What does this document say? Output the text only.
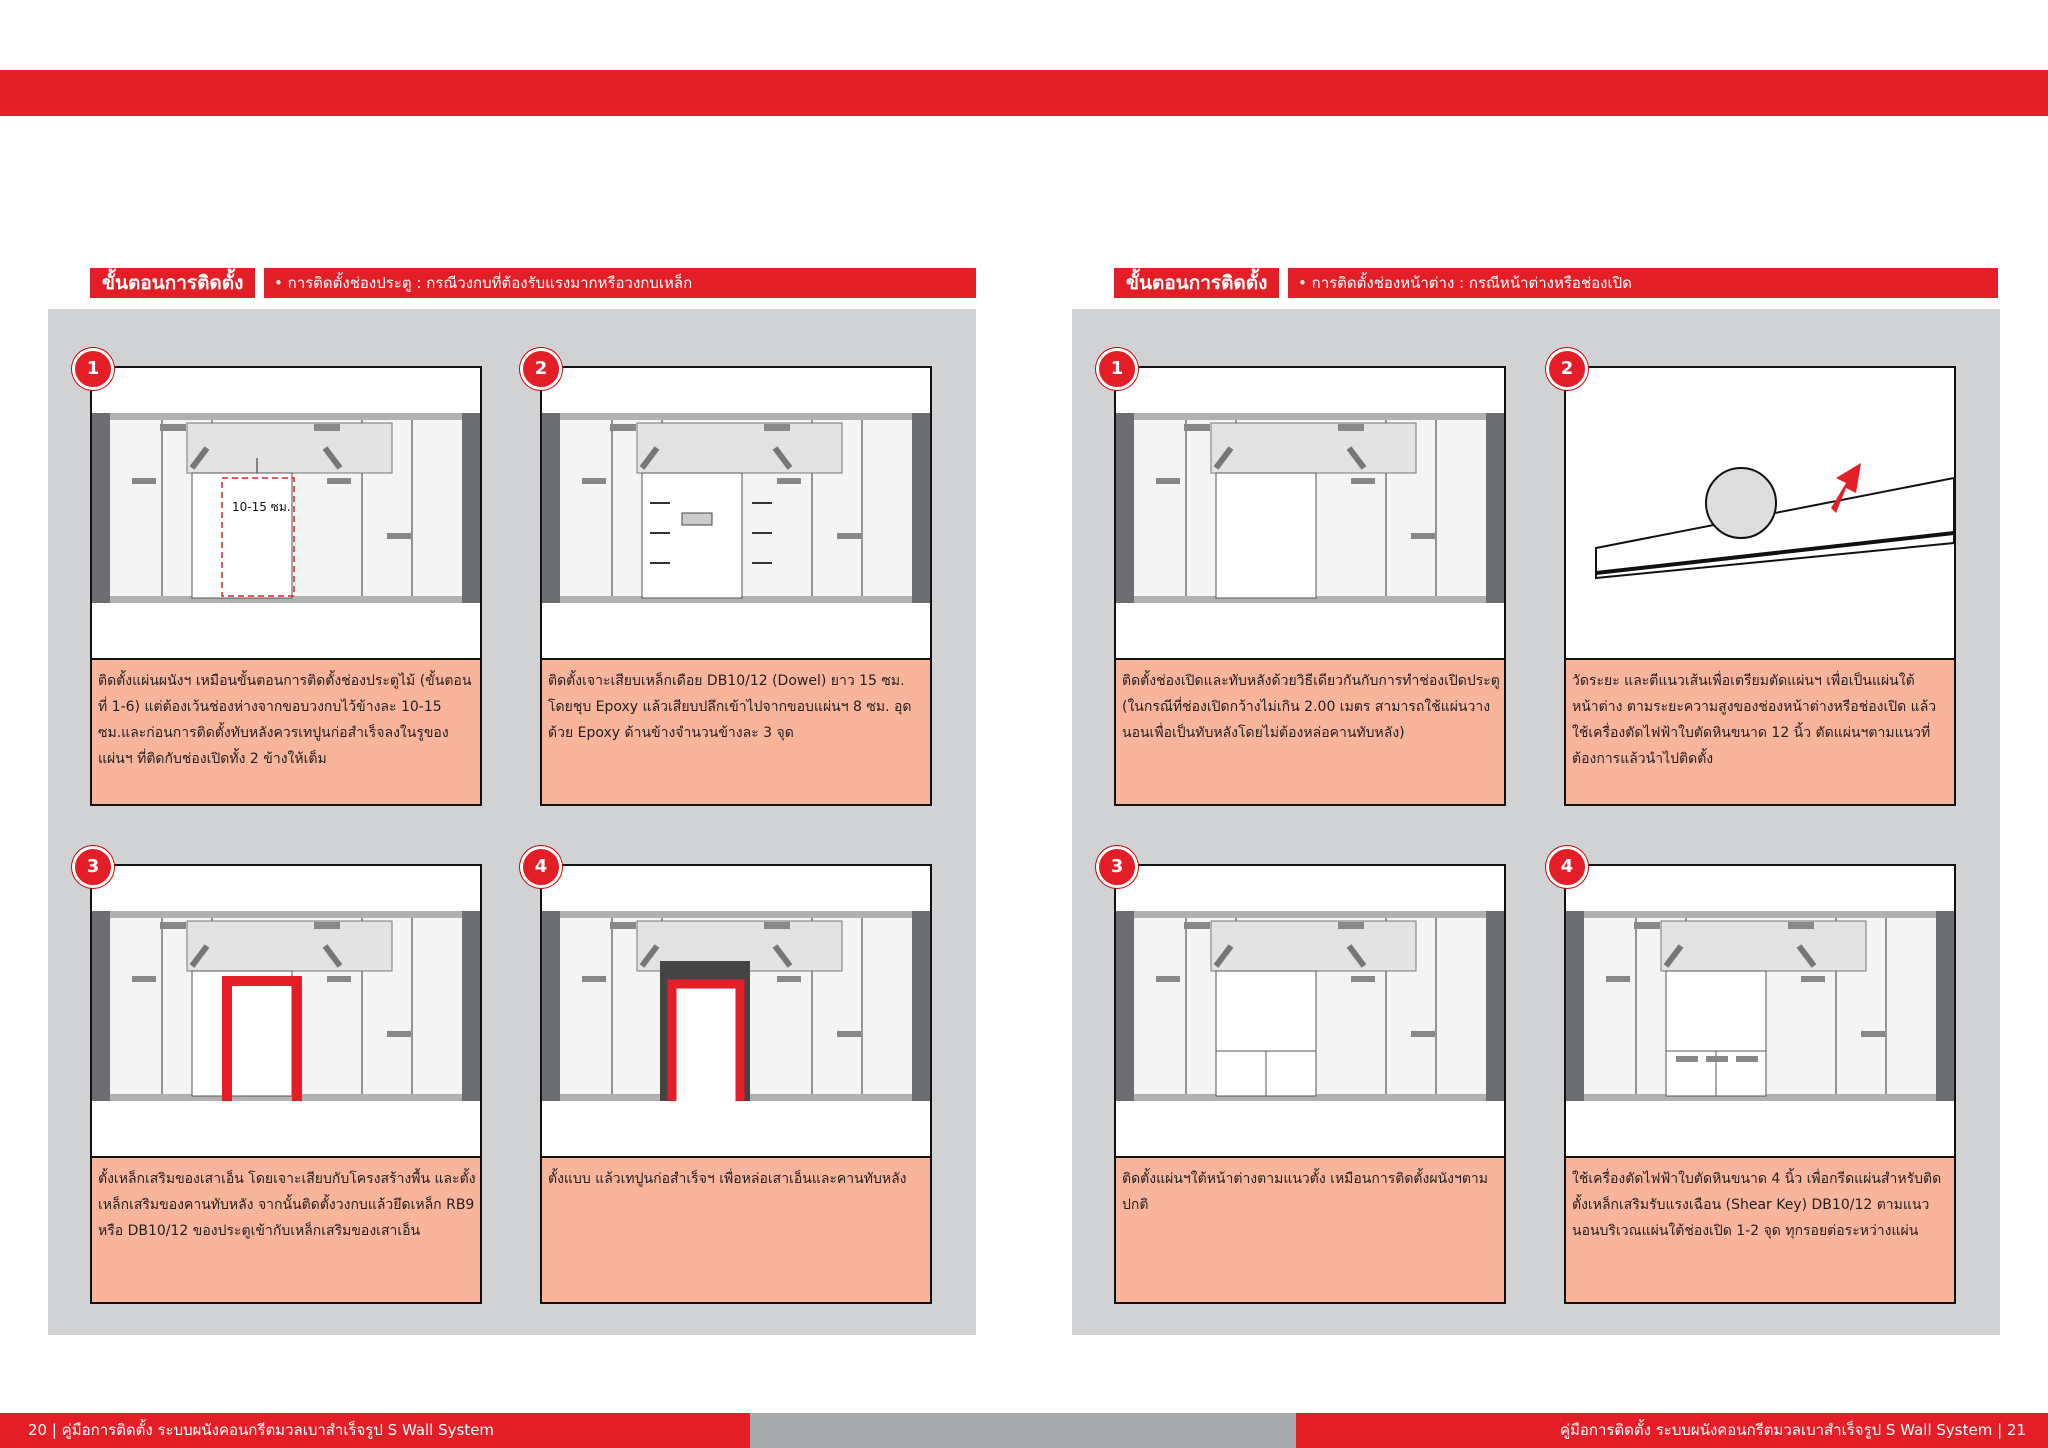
ขั้นตอนการติดตั้ง	• การติดตั้งช่องประตู : กรณีวงกบที่ต้องรับแรงมากหรือวงกบเหล็ก
10-15 ซม.
ติดตั้งแผ่นผนังฯ เหมือนขั้นตอนการติดตั้งช่องประตูไม้ (ขั้นตอนที่ 1-6) แต่ต้องเว้นช่องห่างจากขอบวงกบไว้ข้างละ 10-15 ซม.และก่อนการติดตั้งทับหลังควรเทปูนก่อสำเร็จลงในรูของแผ่นฯ ที่ติดกับช่องเปิดทั้ง 2 ข้างให้เต็ม
1
ติดตั้งเจาะเสียบเหล็กเดือย DB10/12 (Dowel) ยาว 15 ซม. โดยชุบ Epoxy แล้วเสียบปลึกเข้าไปจากขอบแผ่นฯ 8 ซม. อุดด้วย Epoxy ด้านข้างจำนวนข้างละ 3 จุด
2
ตั้งเหล็กเสริมของเสาเอ็น โดยเจาะเสียบกับโครงสร้างพื้น และตั้งเหล็กเสริมของคานทับหลัง จากนั้นติดตั้งวงกบแล้วยึดเหล็ก RB9 หรือ DB10/12 ของประตูเข้ากับเหล็กเสริมของเสาเอ็น
3
ตั้งแบบ แล้วเทปูนก่อสำเร็จฯ เพื่อหล่อเสาเอ็นและคานทับหลัง
4
ขั้นตอนการติดตั้ง	• การติดตั้งช่องหน้าต่าง : กรณีหน้าต่างหรือช่องเปิด
ติดตั้งช่องเปิดและทับหลังด้วยวิธีเดียวกันกับการทำช่องเปิดประตู (ในกรณีที่ช่องเปิดกว้างไม่เกิน 2.00 เมตร สามารถใช้แผ่นวางนอนเพื่อเป็นทับหลังโดยไม่ต้องหล่อคานทับหลัง)
1
วัดระยะ และตีแนวเส้นเพื่อเตรียมตัดแผ่นฯ เพื่อเป็นแผ่นใต้หน้าต่าง ตามระยะความสูงของช่องหน้าต่างหรือช่องเปิด แล้วใช้เครื่องตัดไฟฟ้าใบตัดหินขนาด 12 นิ้ว ตัดแผ่นฯตามแนวที่ต้องการแล้วนำไปติดตั้ง
2
ติดตั้งแผ่นฯใต้หน้าต่างตามแนวตั้ง เหมือนการติดตั้งผนังฯตามปกติ
3
ใช้เครื่องตัดไฟฟ้าใบตัดหินขนาด 4 นิ้ว เพื่อกรีดแผ่นสำหรับติดตั้งเหล็กเสริมรับแรงเฉือน (Shear Key) DB10/12 ตามแนวนอนบริเวณแผ่นใต้ช่องเปิด 1-2 จุด ทุกรอยต่อระหว่างแผ่น
4
20 | คู่มือการติดตั้ง ระบบผนังคอนกรีตมวลเบาสำเร็จรูป S Wall System	คู่มือการติดตั้ง ระบบผนังคอนกรีตมวลเบาสำเร็จรูป S Wall System | 21
